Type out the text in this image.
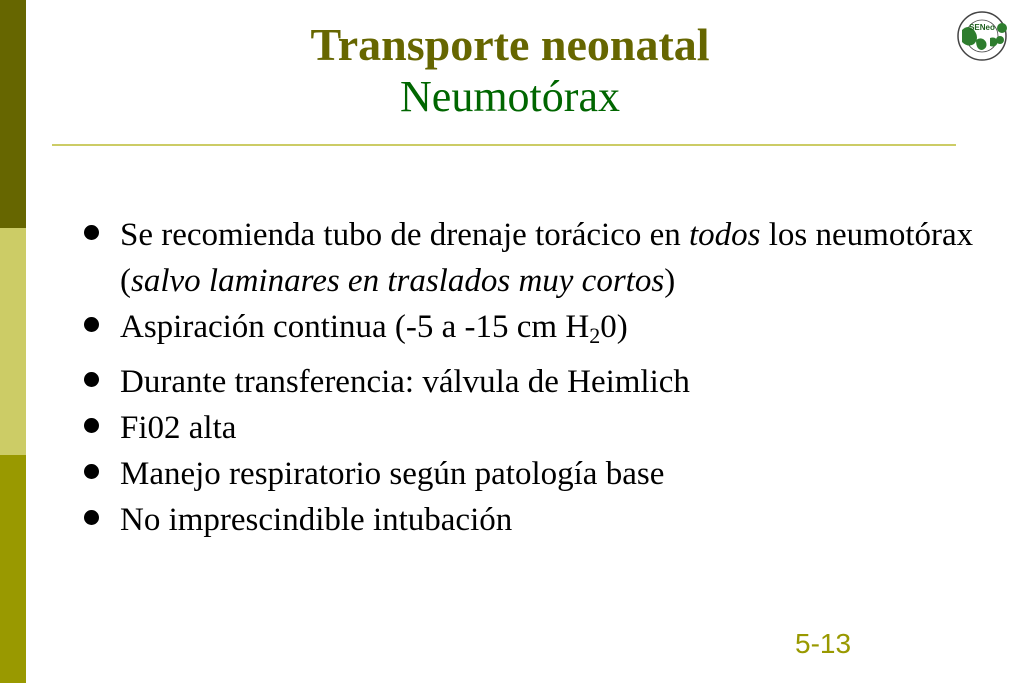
Transporte neonatal
Neumotórax
SENeo
Se recomienda tubo de drenaje torácico en todos los neumotórax (salvo laminares en traslados muy cortos)
Aspiración continua (-5 a -15 cm $H_20$)
Durante transferencia: válvula de Heimlich
Fi02 alta
Manejo respiratorio según patología base
No imprescindible intubación
5-13
